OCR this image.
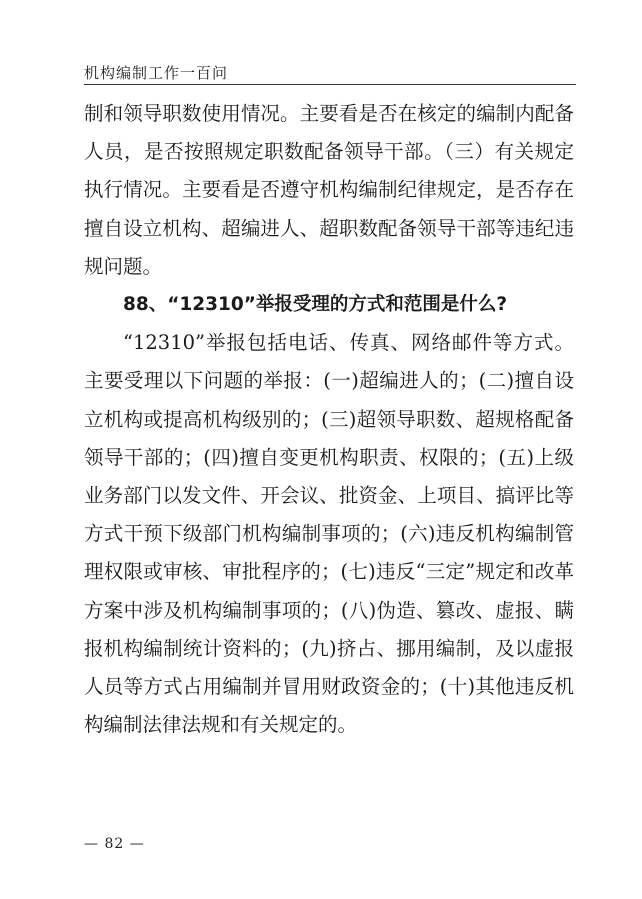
机构编制工作一百问

制和领导职数使用情况。主要看是否在核定的编制内配备人员，是否按照规定职数配备领导干部。（三）有关规定执行情况。主要看是否遵守机构编制纪律规定，是否存在擅自设立机构、超编进人、超职数配备领导干部等违纪违规问题。

88、“12310”举报受理的方式和范围是什么?

“12310”举报包括电话、传真、网络邮件等方式。主要受理以下问题的举报：(一)超编进人的；(二)擅自设立机构或提高机构级别的；(三)超领导职数、超规格配备领导干部的；(四)擅自变更机构职责、权限的；(五)上级业务部门以发文件、开会议、批资金、上项目、搞评比等方式干预下级部门机构编制事项的；(六)违反机构编制管理权限或审核、审批程序的；(七)违反“三定”规定和改革方案中涉及机构编制事项的；(八)伪造、篡改、虚报、瞒报机构编制统计资料的；(九)挤占、挪用编制，及以虚报人员等方式占用编制并冒用财政资金的；(十)其他违反机构编制法律法规和有关规定的。

— 82 —
